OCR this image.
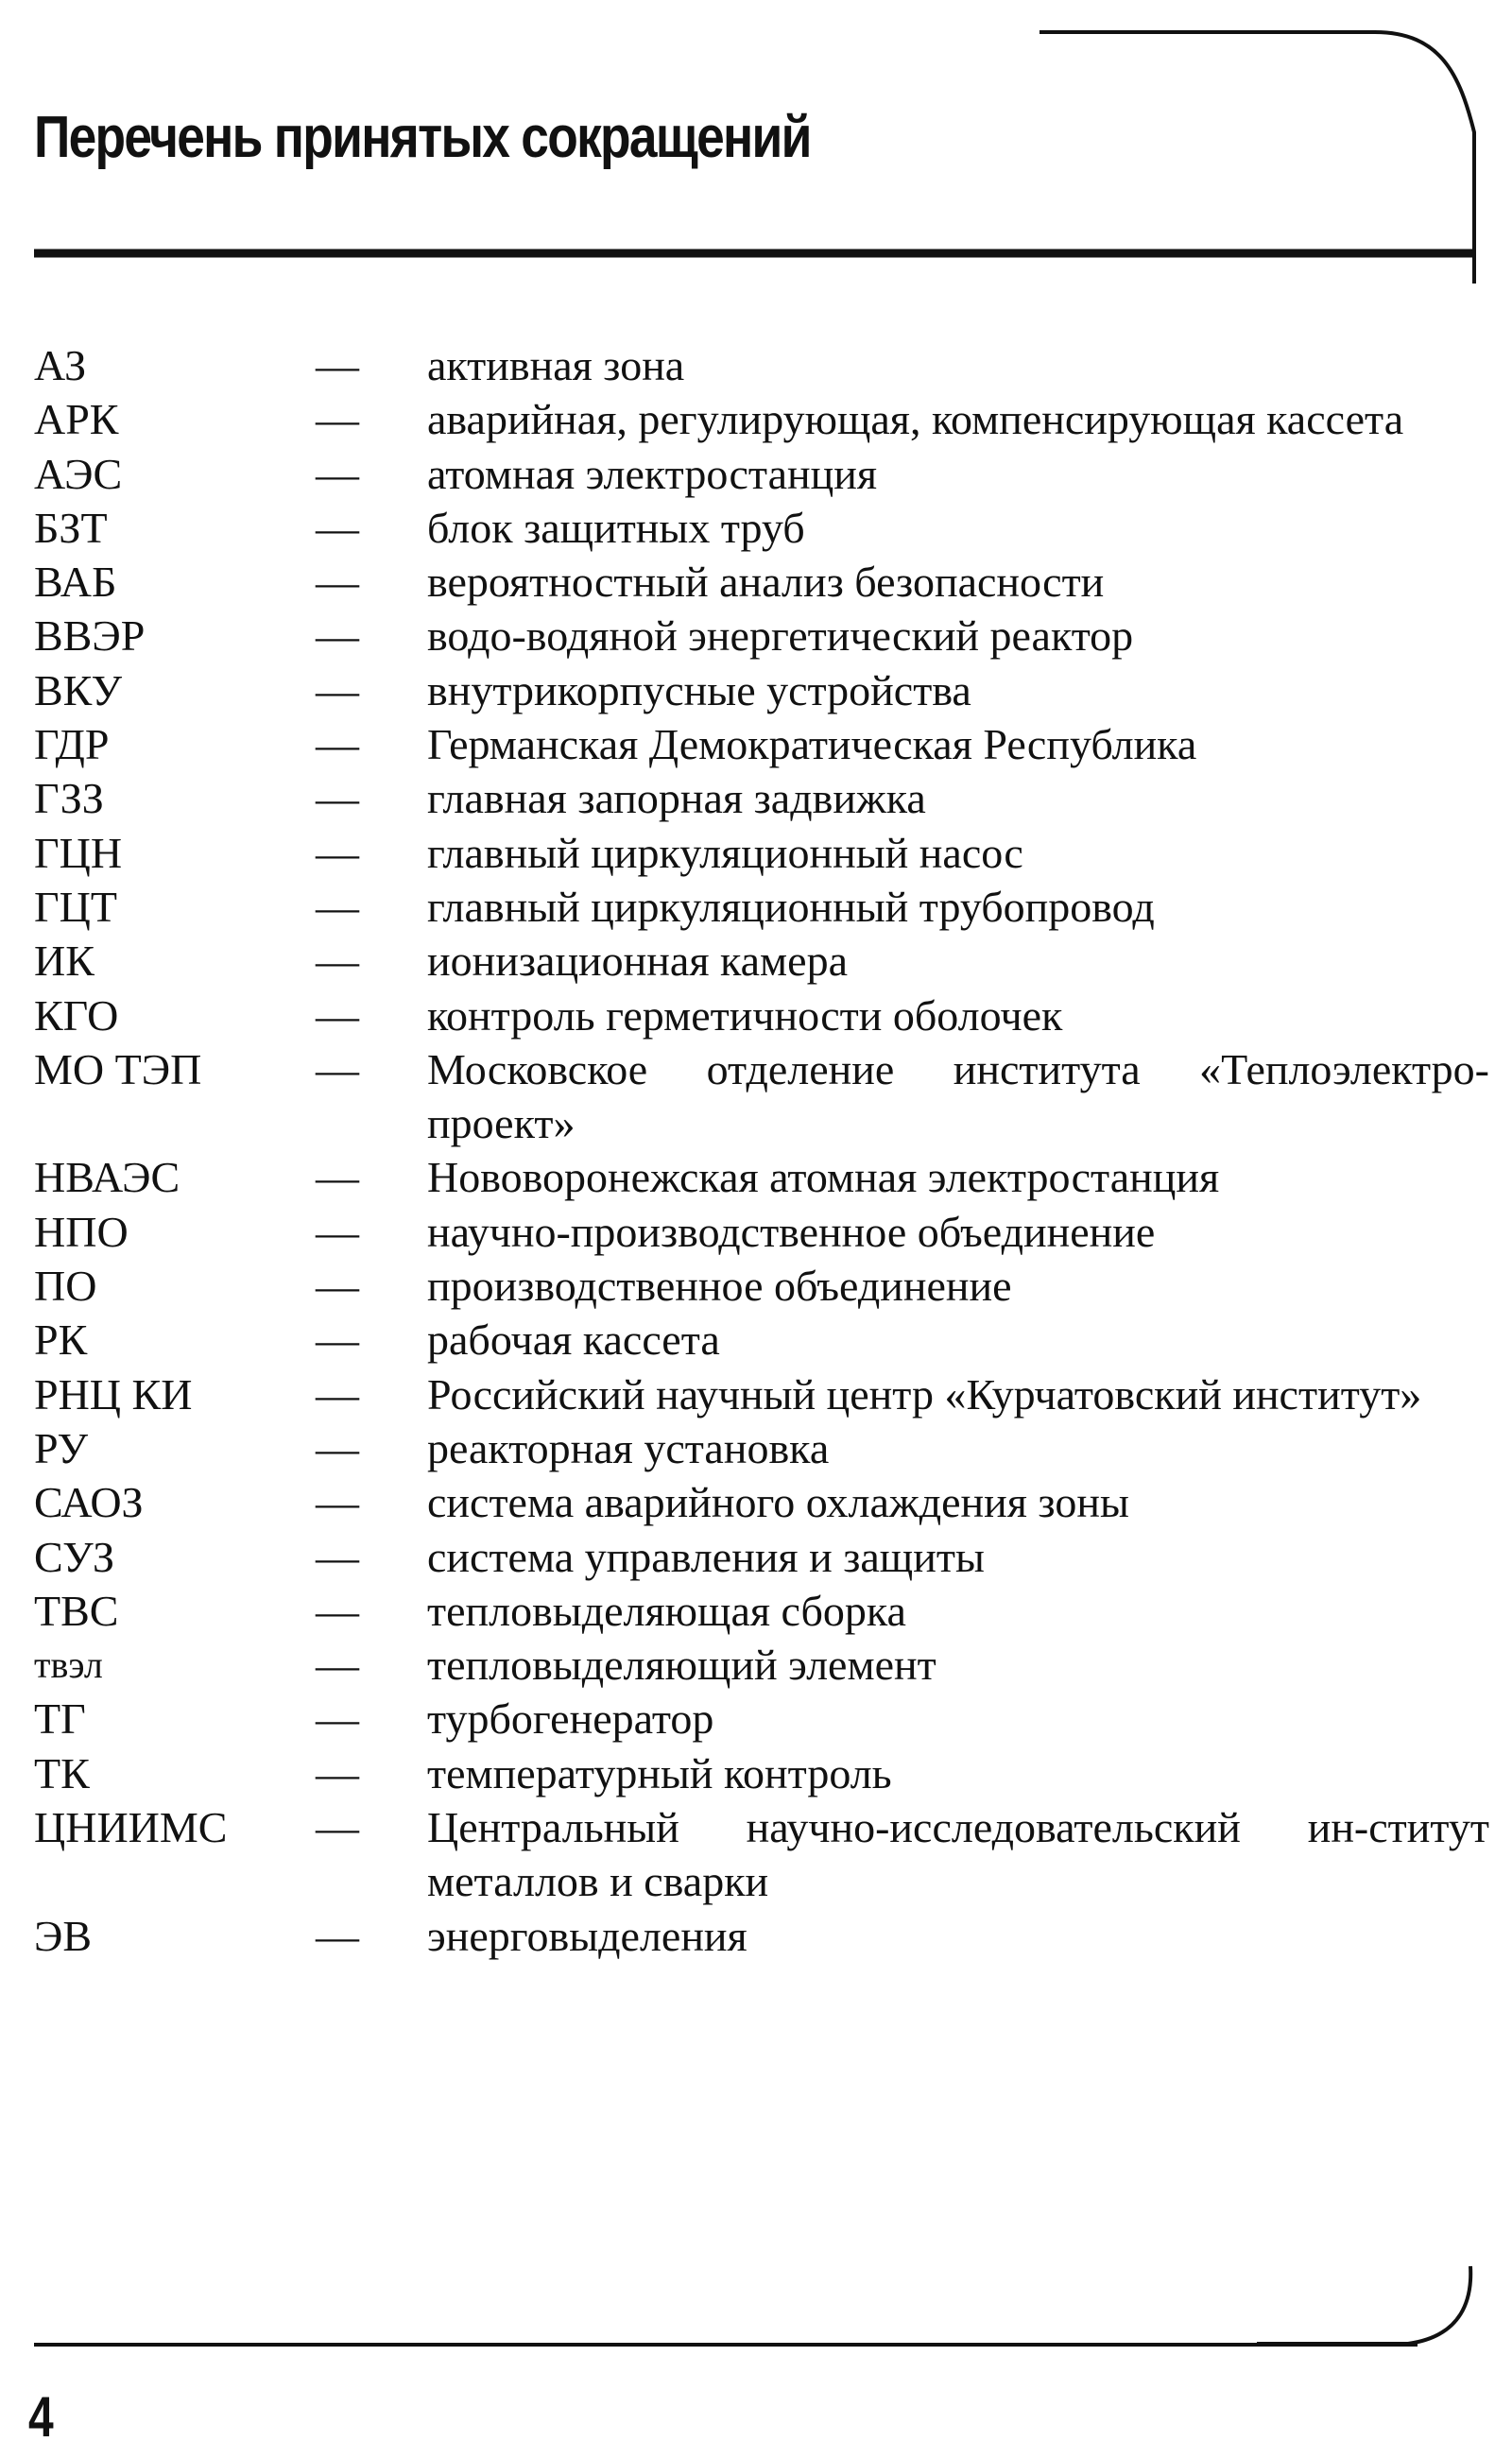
Перечень принятых сокращений
АЗ	— активная зона
АРК	— аварийная, регулирующая, компенсирующая кассета
АЭС	— атомная электростанция
БЗТ	— блок защитных труб
ВАБ	— вероятностный анализ безопасности
ВВЭР	— водо-водяной энергетический реактор
ВКУ	— внутрикорпусные устройства
ГДР	— Германская Демократическая Республика
ГЗЗ	— главная запорная задвижка
ГЦН	— главный циркуляционный насос
ГЦТ	— главный циркуляционный трубопровод
ИК	— ионизационная камера
КГО	— контроль герметичности оболочек
МО ТЭП	— Московское отделение института «Теплоэлектро-проект»
НВАЭС	— Нововоронежская атомная электростанция
НПО	— научно-производственное объединение
ПО	— производственное объединение
РК	— рабочая кассета
РНЦ КИ	— Российский научный центр «Курчатовский институт»
РУ	— реакторная установка
САОЗ	— система аварийного охлаждения зоны
СУЗ	— система управления и защиты
ТВС	— тепловыделяющая сборка
твэл	— тепловыделяющий элемент
ТГ	— турбогенератор
ТК	— температурный контроль
ЦНИИМС — Центральный научно-исследовательский ин-ститут металлов и сварки
ЭВ	— энерговыделения
4
